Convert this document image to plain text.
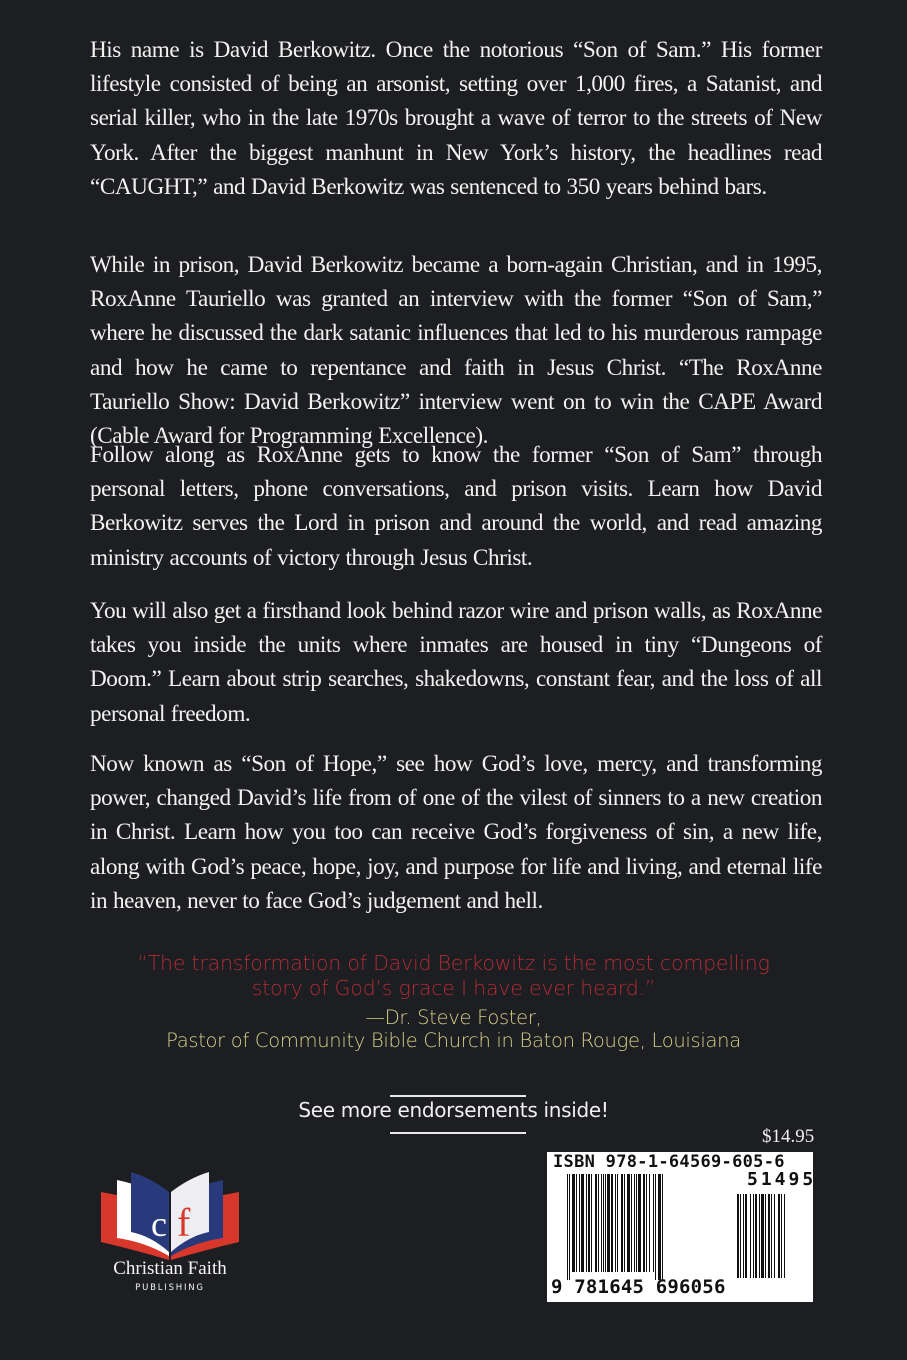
His name is David Berkowitz. Once the notorious “Son of Sam.” His former lifestyle consisted of being an arsonist, setting over 1,000 fires, a Satanist, and serial killer, who in the late 1970s brought a wave of terror to the streets of New York. After the biggest manhunt in New York’s history, the headlines read “CAUGHT,” and David Berkowitz was sentenced to 350 years behind bars.

While in prison, David Berkowitz became a born-again Christian, and in 1995, RoxAnne Tauriello was granted an interview with the former “Son of Sam,” where he discussed the dark satanic influences that led to his murderous rampage and how he came to repentance and faith in Jesus Christ. “The RoxAnne Tauriello Show: David Berkowitz” interview went on to win the CAPE Award (Cable Award for Programming Excellence).

Follow along as RoxAnne gets to know the former “Son of Sam” through personal letters, phone conversations, and prison visits. Learn how David Berkowitz serves the Lord in prison and around the world, and read amazing ministry accounts of victory through Jesus Christ.

You will also get a firsthand look behind razor wire and prison walls, as RoxAnne takes you inside the units where inmates are housed in tiny “Dungeons of Doom.” Learn about strip searches, shakedowns, constant fear, and the loss of all personal freedom.

Now known as “Son of Hope,” see how God’s love, mercy, and transforming power, changed David’s life from of one of the vilest of sinners to a new creation in Christ. Learn how you too can receive God’s forgiveness of sin, a new life, along with God’s peace, hope, joy, and purpose for life and living, and eternal life in heaven, never to face God’s judgement and hell.

“The transformation of David Berkowitz is the most compelling
story of God’s grace I have ever heard.”
—Dr. Steve Foster,
Pastor of Community Bible Church in Baton Rouge, Louisiana
See more endorsements inside!
$14.95
ISBN 978-1-64569-605-6
51495
9 781645 696056
c f
Christian Faith
PUBLISHING
